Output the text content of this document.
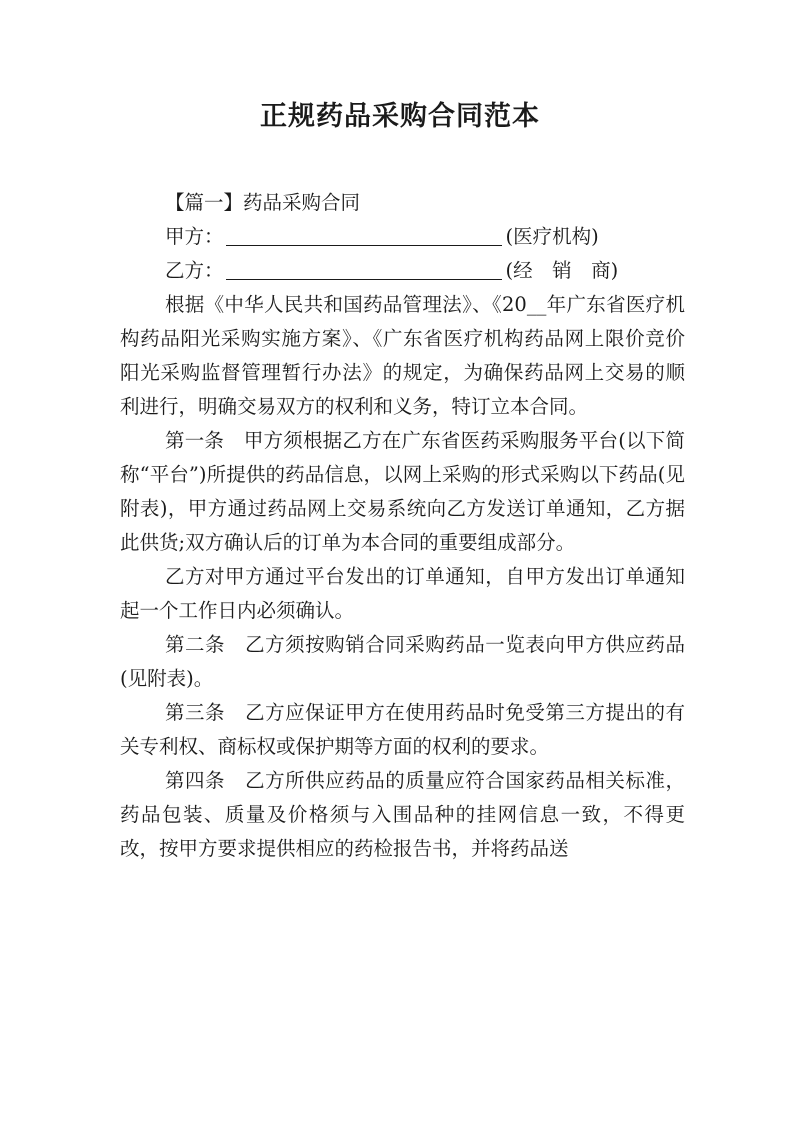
正规药品采购合同范本
【篇一】药品采购合同
甲方：	(医疗机构)
乙方：	(经　销　商)

根据《中华人民共和国药品管理法》、《20__年广东省医疗机构药品阳光采购实施方案》、《广东省医疗机构药品网上限价竞价阳光采购监督管理暂行办法》的规定，为确保药品网上交易的顺利进行，明确交易双方的权利和义务，特订立本合同。

第一条　甲方须根据乙方在广东省医药采购服务平台(以下简称“平台”)所提供的药品信息，以网上采购的形式采购以下药品(见附表)，甲方通过药品网上交易系统向乙方发送订单通知，乙方据此供货;双方确认后的订单为本合同的重要组成部分。

乙方对甲方通过平台发出的订单通知，自甲方发出订单通知起一个工作日内必须确认。

第二条　乙方须按购销合同采购药品一览表向甲方供应药品(见附表)。

第三条　乙方应保证甲方在使用药品时免受第三方提出的有关专利权、商标权或保护期等方面的权利的要求。

第四条　乙方所供应药品的质量应符合国家药品相关标准，药品包装、质量及价格须与入围品种的挂网信息一致，不得更改，按甲方要求提供相应的药检报告书，并将药品送
